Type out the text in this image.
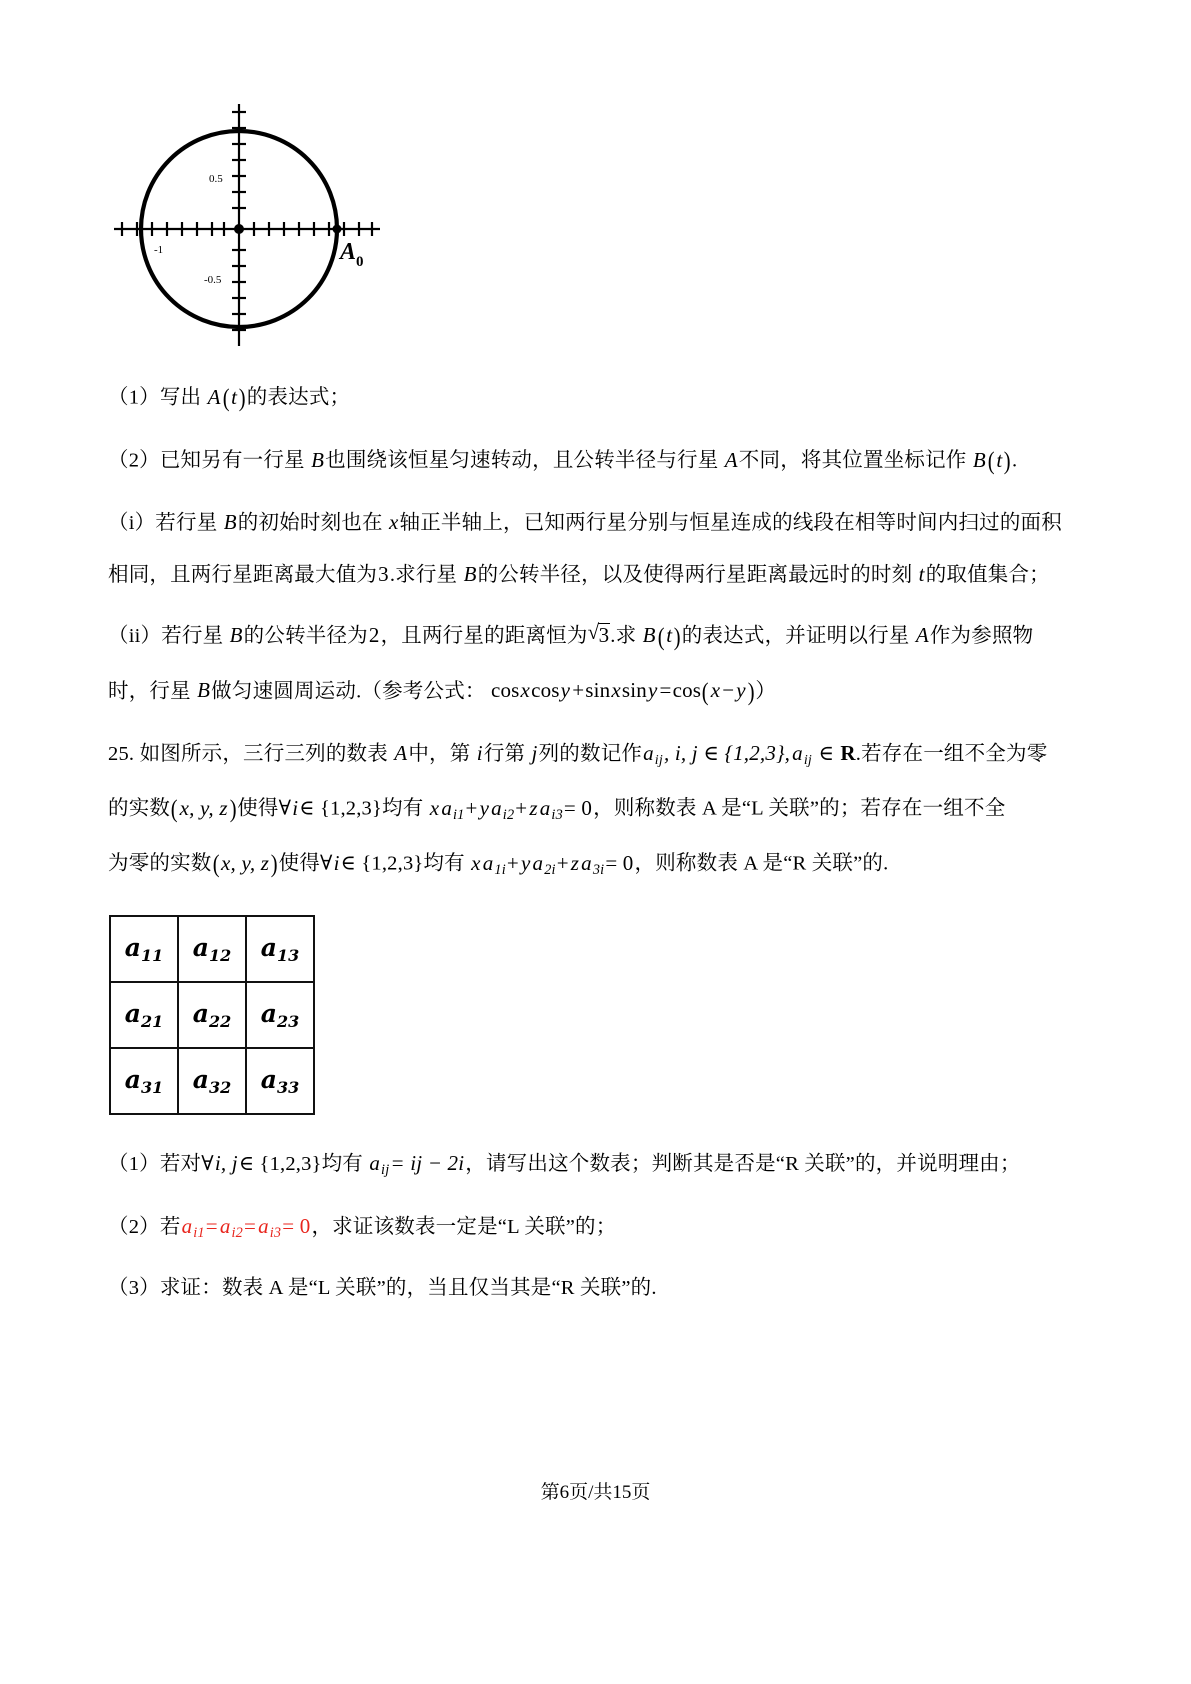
0.5
-0.5
-1	A 0

（1）写出 A(t)的表达式；

（2）已知另有一行星 B也围绕该恒星匀速转动，且公转半径与行星 A不同，将其位置坐标记作 B(t).

（i）若行星 B的初始时刻也在 x轴正半轴上，已知两行星分别与恒星连成的线段在相等时间内扫过的面积

相同，且两行星距离最大值为3.求行星 B的公转半径，以及使得两行星距离最远时的时刻 t的取值集合；

（ii）若行星 B的公转半径为2，且两行星的距离恒为 √ 3.求 B(t)的表达式，并证明以行星 A作为参照物

时，行星 B做匀速圆周运动.（参考公式： cosxcosy+sinxsiny=cos(x−y)）

25. 如图所示，三行三列的数表 A中，第 i行第 j列的数记作$a_{ij}$, i, j ∈ $\{1,2,3\},a_{ij}$ ∈ R.若存在一组不全为零

的实数(x, y, z)使得∀i∈ {1,2,3}均有 $xa_{i1}+ya_{i2}+za_{i3}= 0$，则称数表 A 是“L 关联”的；若存在一组不全

为零的实数(x, y, z)使得∀i∈ {1,2,3}均有 $xa_{1i}+ya_{2i}+za_{3i}= 0$，则称数表 A 是“R 关联”的.

$a_{11}$	$a_{12}$	$a_{13}$
$a_{21}$	$a_{22}$	$a_{23}$
$a_{31}$	$a_{32}$	$a_{33}$

（1）若对∀i, j∈ {1,2,3}均有 $a_{ij}=$ ij − 2i，请写出这个数表；判断其是否是“R 关联”的，并说明理由；

（2）若$a_{i1}=a_{i2}=a_{i3}= 0$，求证该数表一定是“L 关联”的；

（3）求证：数表 A 是“L 关联”的，当且仅当其是“R 关联”的.

第6页/共15页
